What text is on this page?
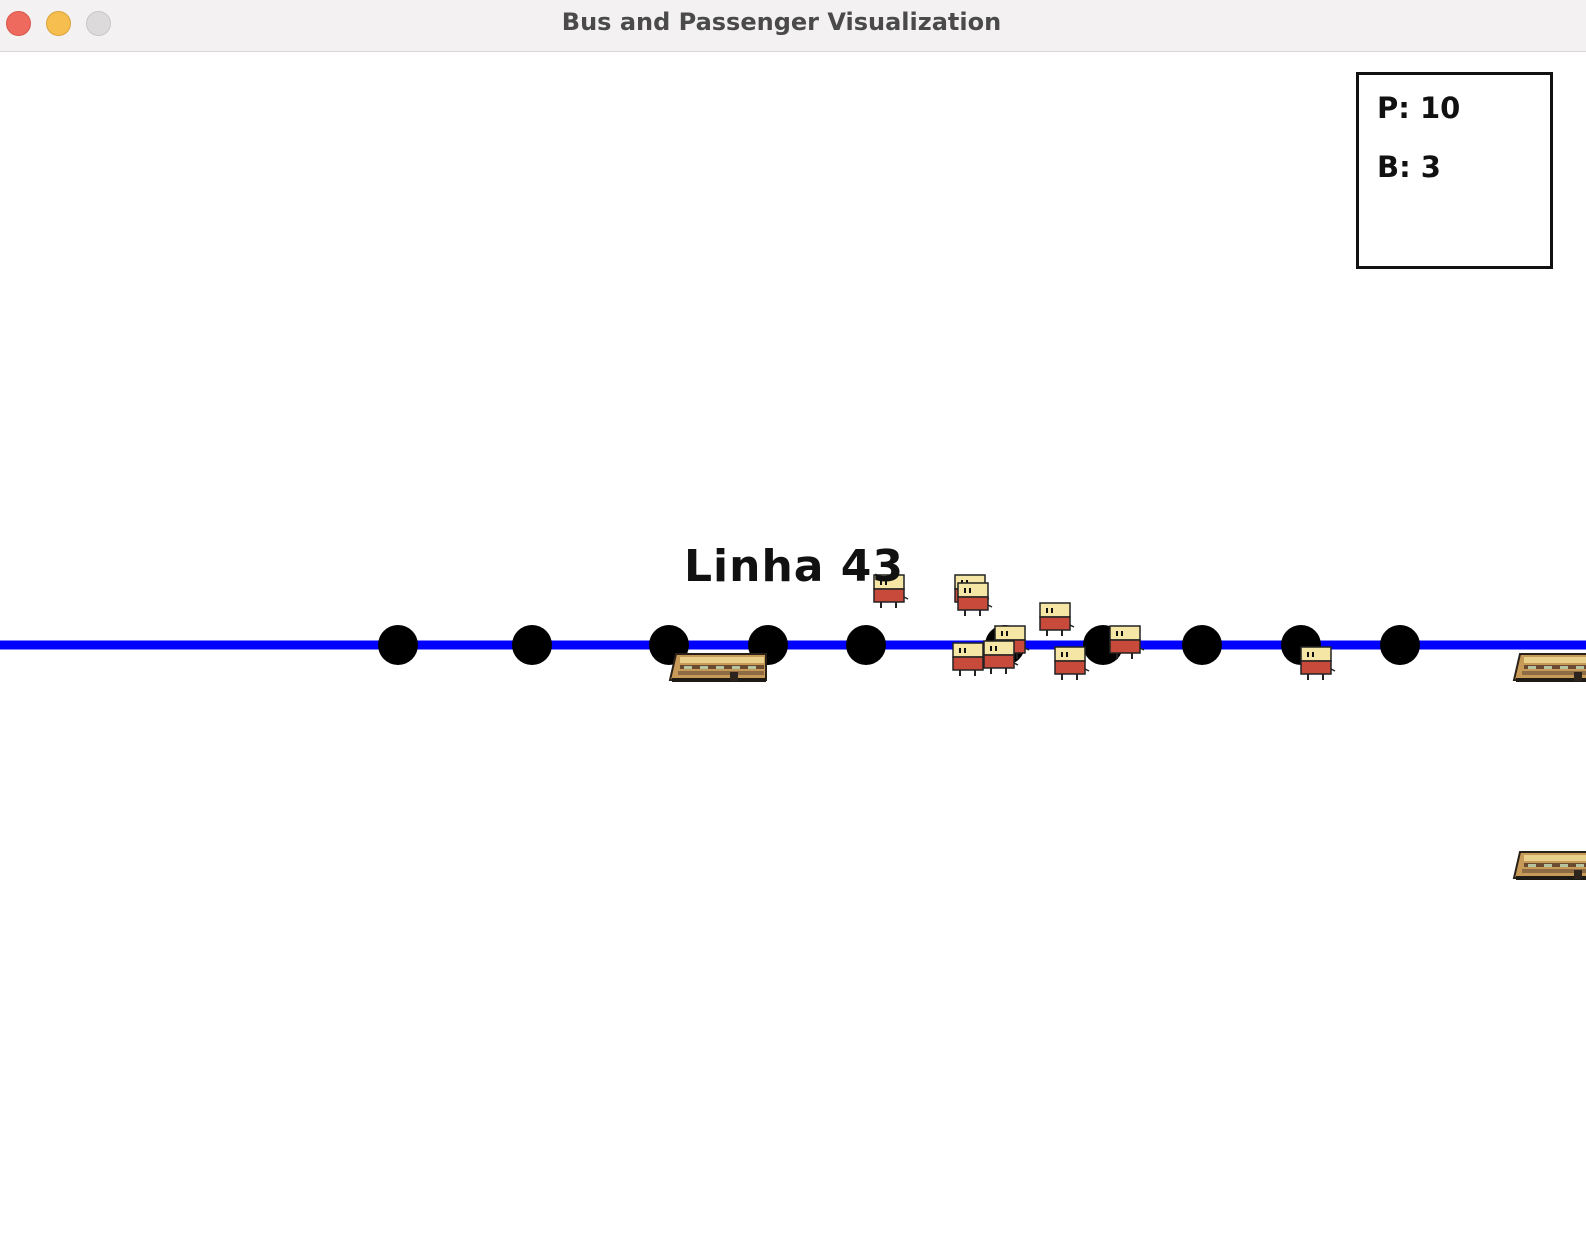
Bus and Passenger Visualization
Linha 43
P: 10
B: 3
